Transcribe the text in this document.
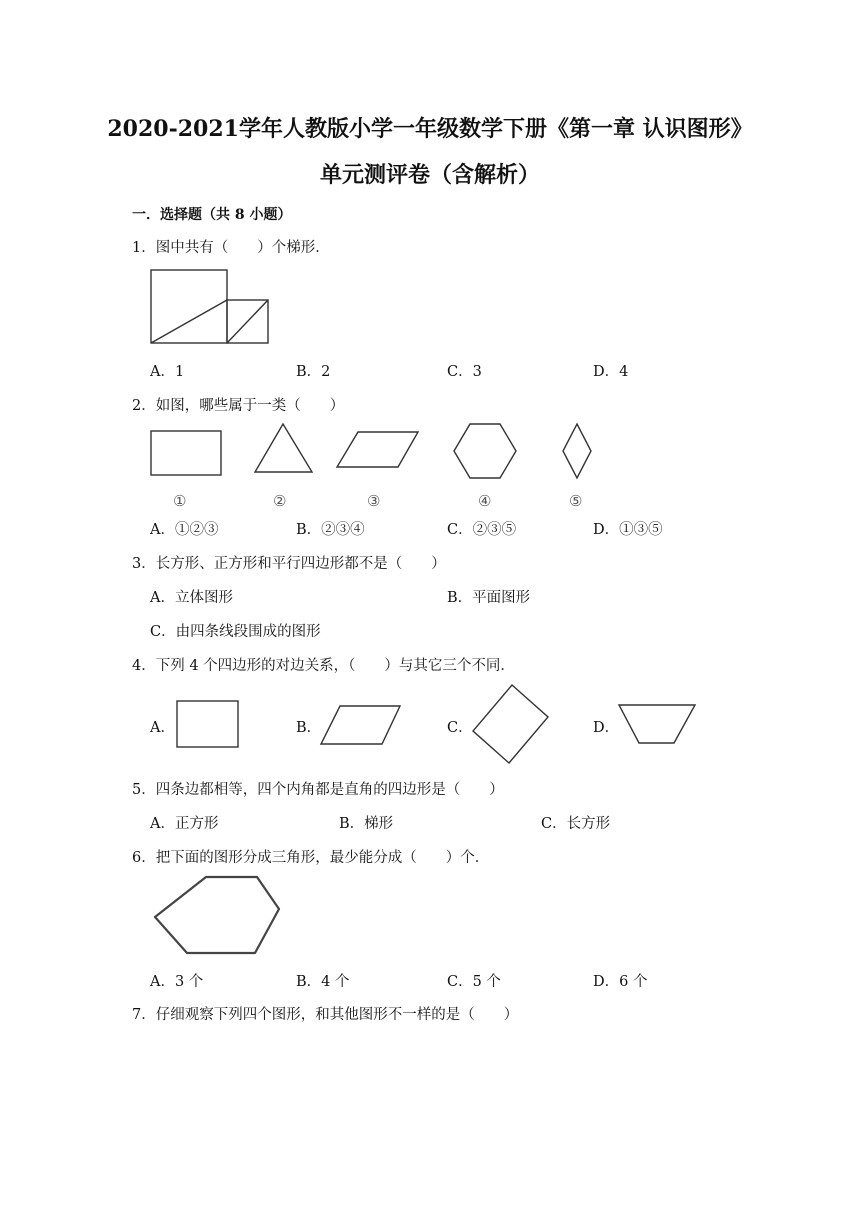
2020-2021学年人教版小学一年级数学下册《第一章 认识图形》
单元测评卷（含解析）
一．选择题（共 8 小题）
1．图中共有（　　）个梯形．
A．1	B．2	C．3	D．4
2．如图，哪些属于一类（　　）
①	②	③	④	⑤
A．①②③	B．②③④	C．②③⑤	D．①③⑤
3．长方形、正方形和平行四边形都不是（　　）
A．立体图形	B．平面图形
C．由四条线段围成的图形
4．下列 4 个四边形的对边关系，（　　）与其它三个不同．
A．	B．	C．	D．
5．四条边都相等，四个内角都是直角的四边形是（　　）
A．正方形	B．梯形	C．长方形
6．把下面的图形分成三角形，最少能分成（　　）个．
A．3 个	B．4 个	C．5 个	D．6 个
7．仔细观察下列四个图形，和其他图形不一样的是（　　）
